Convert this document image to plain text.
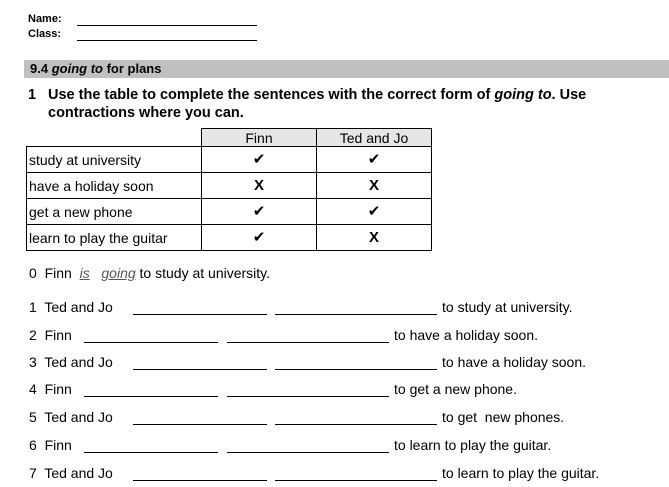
Name:
Class:
9.4 going to for plans
1 Use the table to complete the sentences with the correct form of going to. Use contractions where you can.
	Finn	Ted and Jo
study at university	✔	✔
have a holiday soon	X	X
get a new phone	✔	✔
learn to play the guitar	✔	X
0 Finn is going to study at university.
1 Ted and Jo	to study at university.
2 Finn	to have a holiday soon.
3 Ted and Jo	to have a holiday soon.
4 Finn	to get a new phone.
5 Ted and Jo	to get  new phones.
6 Finn	to learn to play the guitar.
7 Ted and Jo	to learn to play the guitar.
